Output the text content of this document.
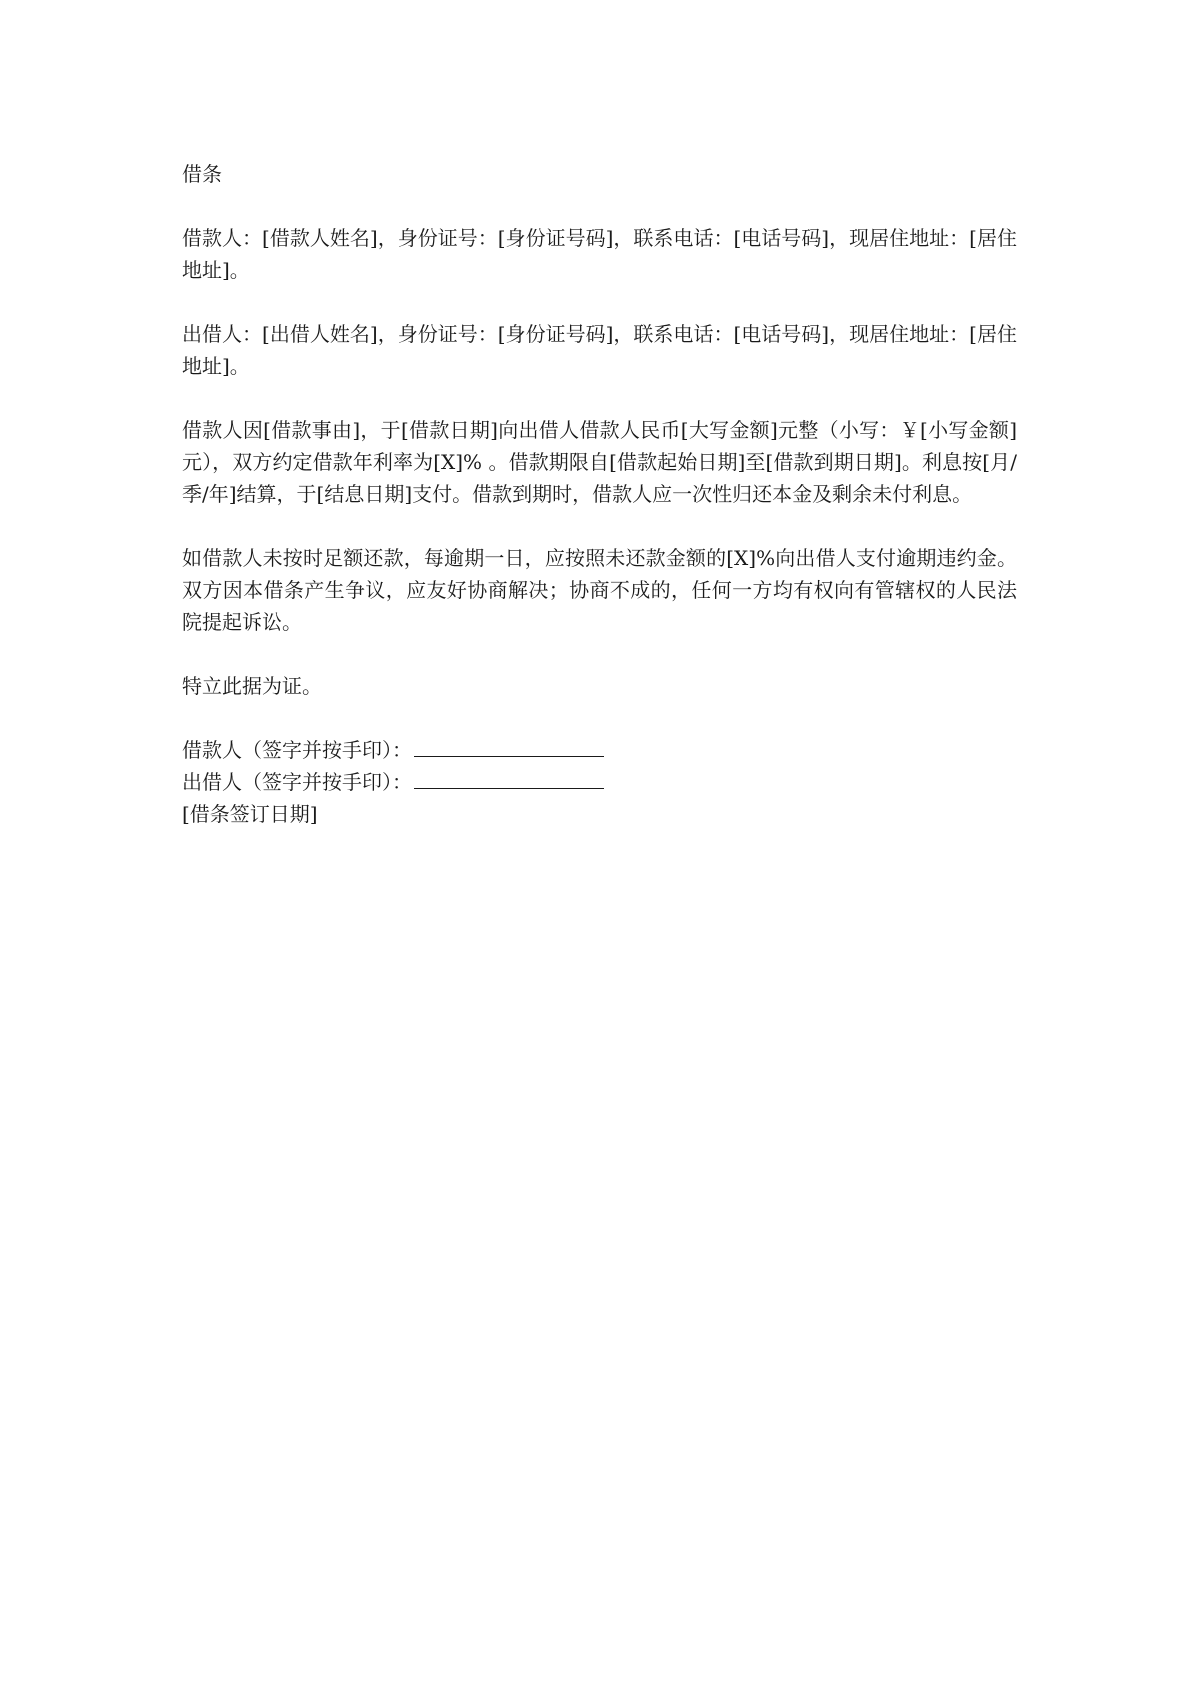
借条

借款人：[借款人姓名]，身份证号：[身份证号码]，联系电话：[电话号码]，现居住地址：[居住地址]。

出借人：[出借人姓名]，身份证号：[身份证号码]，联系电话：[电话号码]，现居住地址：[居住地址]。

借款人因[借款事由]，于[借款日期]向出借人借款人民币[大写金额]元整（小写：￥[小写金额]元），双方约定借款年利率为[X]% 。借款期限自[借款起始日期]至[借款到期日期]。利息按[月/季/年]结算，于[结息日期]支付。借款到期时，借款人应一次性归还本金及剩余未付利息。

如借款人未按时足额还款，每逾期一日，应按照未还款金额的[X]%向出借人支付逾期违约金。双方因本借条产生争议，应友好协商解决；协商不成的，任何一方均有权向有管辖权的人民法院提起诉讼。

特立此据为证。

借款人（签字并按手印）：

出借人（签字并按手印）：

[借条签订日期]
